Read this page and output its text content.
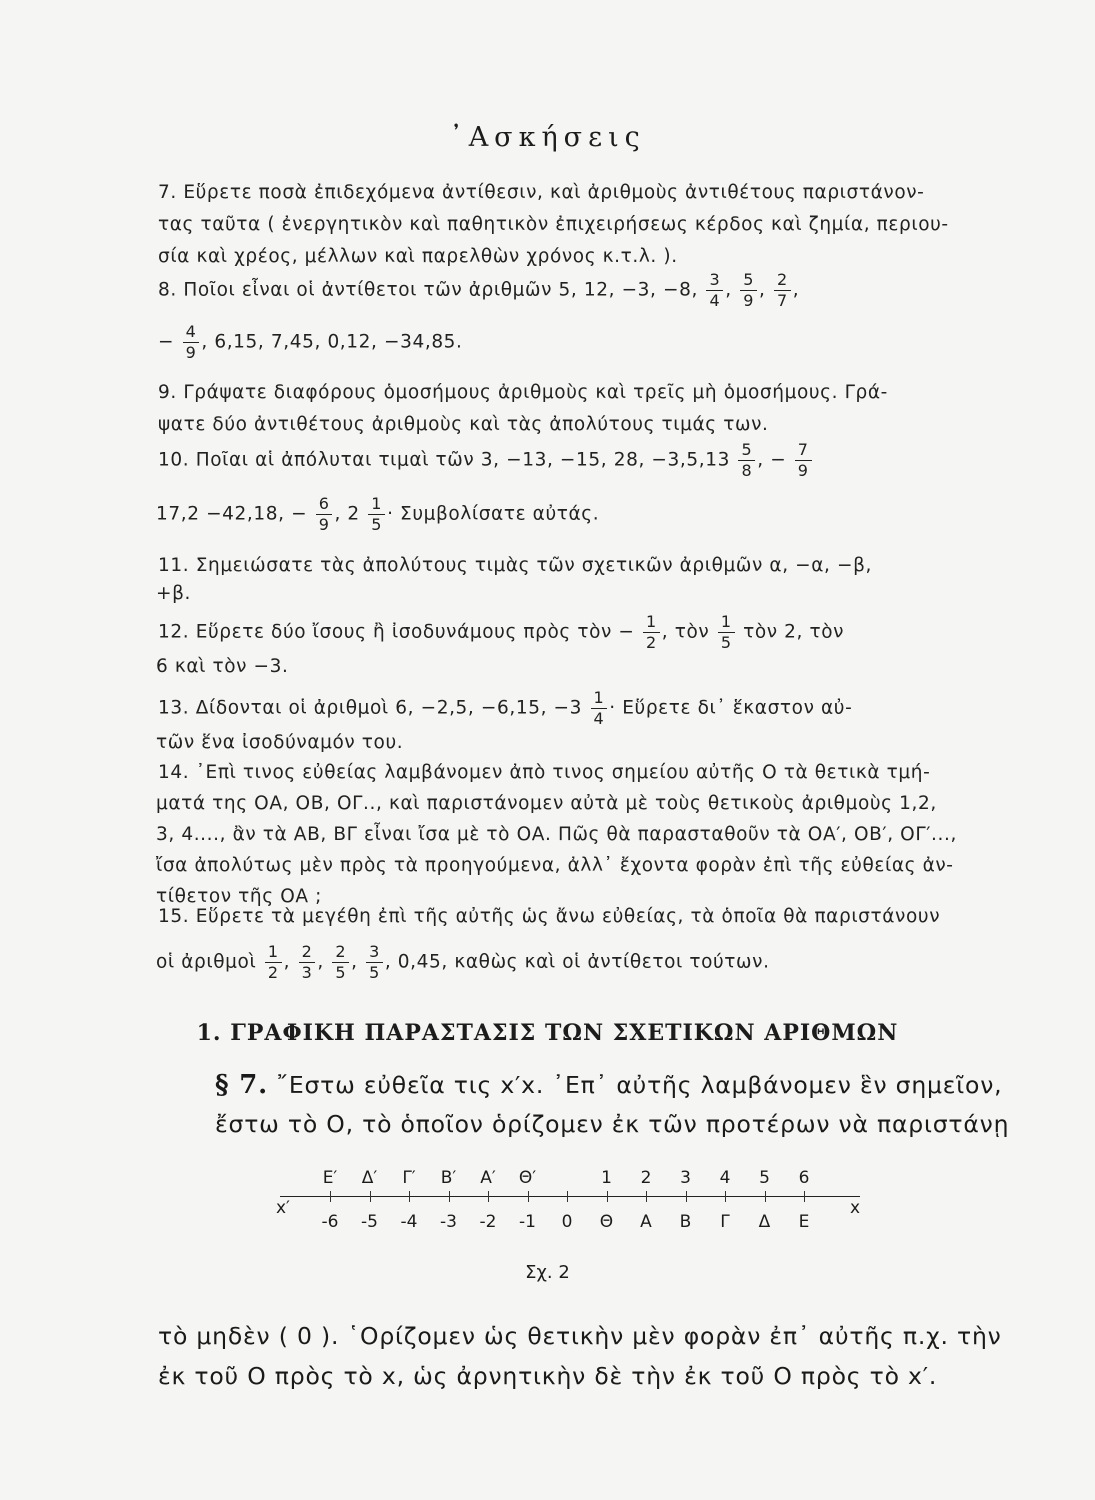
᾿Ασκήσεις
7. Εὕρετε ποσὰ ἐπιδεχόμενα ἀντίθεσιν, καὶ ἀριθμοὺς ἀντιθέτους παριστάνον-
τας ταῦτα ( ἐνεργητικὸν καὶ παθητικὸν ἐπιχειρήσεως κέρδος καὶ ζημία, περιου-
σία καὶ χρέος, μέλλων καὶ παρελθὼν χρόνος κ.τ.λ. ).
8. Ποῖοι εἶναι οἱ ἀντίθετοι τῶν ἀριθμῶν 5, 12, −3, −8, $\frac{3}{4}$ , $\frac{5}{9}$ , $\frac{2}{7}$ ,
− $\frac{4}{9}$ , 6,15, 7,45, 0,12, −34,85.
9. Γράψατε διαφόρους ὁμοσήμους ἀριθμοὺς καὶ τρεῖς μὴ ὁμοσήμους. Γρά-
ψατε δύο ἀντιθέτους ἀριθμοὺς καὶ τὰς ἀπολύτους τιμάς των.
10. Ποῖαι αἱ ἀπόλυται τιμαὶ τῶν 3, −13, −15, 28, $-3,5,13 \frac{5}{8}$ , − $\frac{7}{9}$
17,2 −42,18, − $\frac{6}{9}$ , $2 \frac{1}{5} \cdot \Sigma\upsilon\mu\beta o\lambda ί\sigma\alpha\tau\varepsilon$ αὐτάς.
11. Σημειώσατε τὰς ἀπολύτους τιμὰς τῶν σχετικῶν ἀριθμῶν α, −α, −β,
+β.
12. Εὕρετε δύο ἴσους ἢ ἰσοδυνάμους πρὸς τὸν − $\frac{1}{2}$ , τὸν $\frac{1}{5}$ τὸν 2, τὸν
6 καὶ τὸν −3.
13. Δίδονται οἱ ἀριθμοὶ 6, −2,5, −6,15, $-3 \frac{1}{4}$ · Εὕρετε δι᾿ ἕκαστον αὐ-
τῶν ἕνα ἰσοδύναμόν του.
14. ᾿Επὶ τινος εὐθείας λαμβάνομεν ἀπὸ τινος σημείου αὐτῆς Ο τὰ θετικὰ τμή-
ματά της ΟΑ, ΟΒ, ΟΓ.., καὶ παριστάνομεν αὐτὰ μὲ τοὺς θετικοὺς ἀριθμοὺς 1,2,
3, 4...., ἂν τὰ ΑΒ, ΒΓ εἶναι ἴσα μὲ τὸ ΟΑ. Πῶς θὰ παρασταθοῦν τὰ ΟΑ′, ΟΒ′, ΟΓ′...,
ἴσα ἀπολύτως μὲν πρὸς τὰ προηγούμενα, ἀλλ᾿ ἔχοντα φορὰν ἐπὶ τῆς εὐθείας ἀν-
τίθετον τῆς ΟΑ ;
15. Εὕρετε τὰ μεγέθη ἐπὶ τῆς αὐτῆς ὡς ἄνω εὐθείας, τὰ ὁποῖα θὰ παριστάνουν
οἱ ἀριθμοὶ $\frac{1}{2}$ , $\frac{2}{3}$ , $\frac{2}{5}$ , $\frac{3}{5}$ , 0,45, καθὼς καὶ οἱ ἀντίθετοι τούτων.
1. ΓΡΑΦΙΚΗ ΠΑΡΑΣΤΑΣΙΣ ΤΩΝ ΣΧΕΤΙΚΩΝ ΑΡΙΘΜΩΝ
§ 7. ῎Εστω εὐθεῖα τις x′x. ᾿Επ᾿ αὐτῆς λαμβάνομεν ἓν σημεῖον,
ἔστω τὸ Ο, τὸ ὁποῖον ὁρίζομεν ἐκ τῶν προτέρων νὰ παριστάνῃ
x′	x
-6
Ε′
-5
Δ′
-4
Γ′
-3
Β′
-2
Α′
-1
Θ′
0	Θ
1
Α
2
Β
3
Γ
4
Δ
5
Ε
6
Σχ. 2
τὸ μηδὲν ( 0 ). ῾Ορίζομεν ὡς θετικὴν μὲν φορὰν ἐπ᾿ αὐτῆς π.χ. τὴν
ἐκ τοῦ Ο πρὸς τὸ x, ὡς ἀρνητικὴν δὲ τὴν ἐκ τοῦ Ο πρὸς τὸ x′.
